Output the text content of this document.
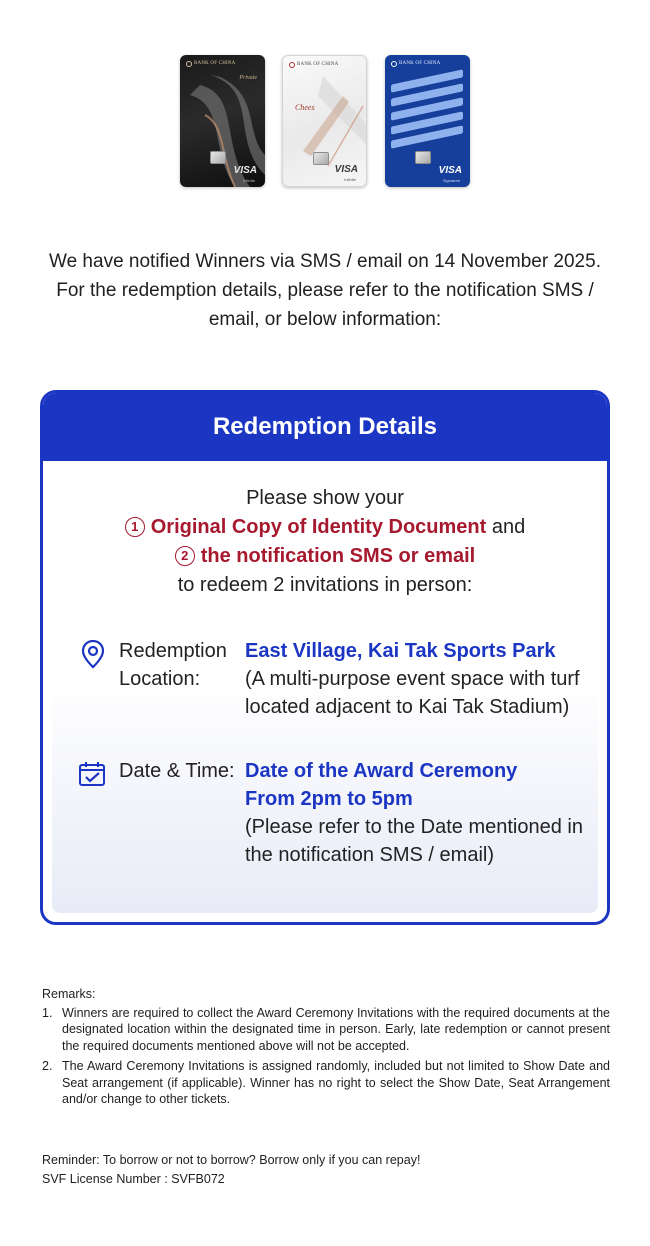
BANK OF CHINA
Private
VISA
Infinite
BANK OF CHINA
Chees
VISA
Infinite
BANK OF CHINA
VISA
Signature
We have notified Winners via SMS / email on 14 November 2025.
For the redemption details, please refer to the notification SMS /
email, or below information:
Redemption Details
Please show your
1 Original Copy of Identity Document and
2 the notification SMS or email
to redeem 2 invitations in person:
Redemption
Location:
East Village, Kai Tak Sports Park
(A multi-purpose event space with turf
located adjacent to Kai Tak Stadium)
Date & Time: Date of the Award Ceremony
From 2pm to 5pm
(Please refer to the Date mentioned in
the notification SMS / email)
Remarks:
1. Winners are required to collect the Award Ceremony Invitations with the required documents at the designated location within the designated time in person. Early, late redemption or cannot present the required documents mentioned above will not be accepted.
2. The Award Ceremony Invitations is assigned randomly, included but not limited to Show Date and Seat arrangement (if applicable). Winner has no right to select the Show Date, Seat Arrangement and/or change to other tickets.
Reminder: To borrow or not to borrow? Borrow only if you can repay!
SVF License Number : SVFB072
